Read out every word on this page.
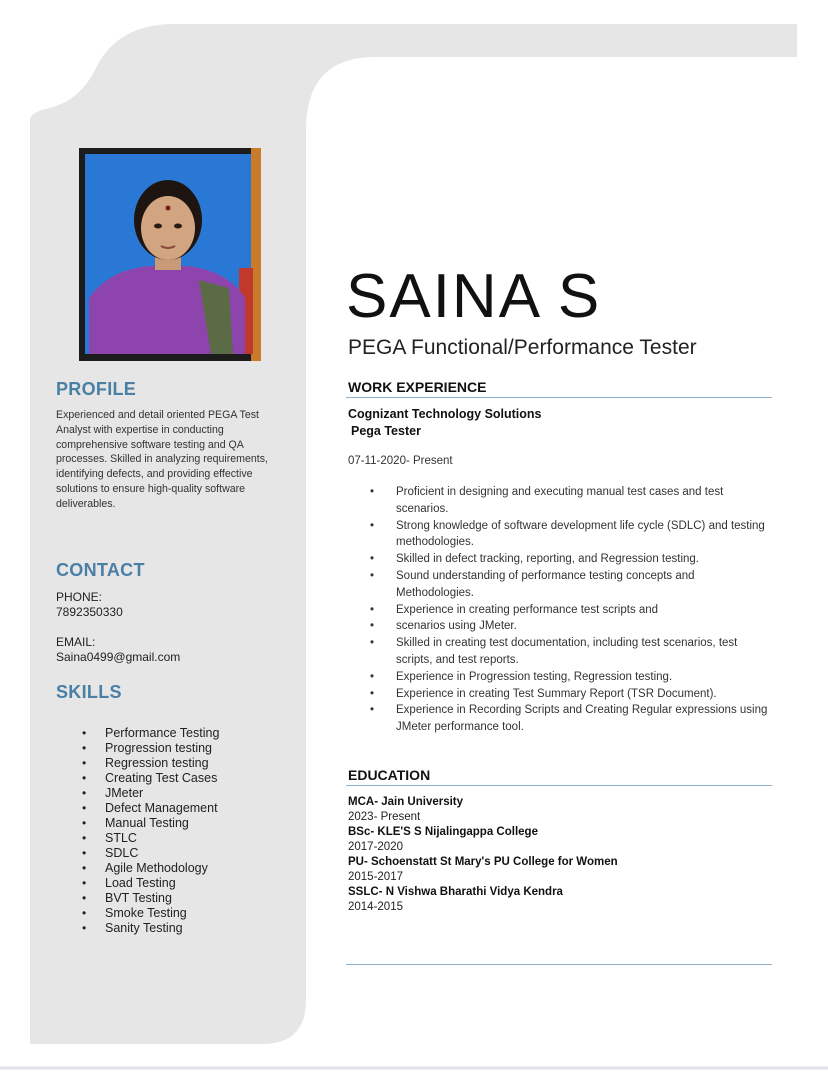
PROFILE
Experienced and detail oriented PEGA Test Analyst with expertise in conducting comprehensive software testing and QA processes. Skilled in analyzing requirements, identifying defects, and providing effective solutions to ensure high-quality software deliverables.
CONTACT
PHONE:
7892350330
EMAIL:
Saina0499@gmail.com
SKILLS
• Performance Testing
• Progression testing
• Regression testing
• Creating Test Cases
• JMeter
• Defect Management
• Manual Testing
• STLC
• SDLC
• Agile Methodology
• Load Testing
• BVT Testing
• Smoke Testing
• Sanity Testing
SAINA S
PEGA Functional/Performance Tester
WORK EXPERIENCE
Cognizant Technology Solutions
Pega Tester
07-11-2020- Present
• Proficient in designing and executing manual test cases and test scenarios.
• Strong knowledge of software development life cycle (SDLC) and testing methodologies.
• Skilled in defect tracking, reporting, and Regression testing.
• Sound understanding of performance testing concepts and Methodologies.
• Experience in creating performance test scripts and
• scenarios using JMeter.
• Skilled in creating test documentation, including test scenarios, test scripts, and test reports.
• Experience in Progression testing, Regression testing.
• Experience in creating Test Summary Report (TSR Document).
• Experience in Recording Scripts and Creating Regular expressions using JMeter performance tool.
EDUCATION
MCA- Jain University
2023- Present
BSc- KLE'S S Nijalingappa College
2017-2020
PU- Schoenstatt St Mary's PU College for Women
2015-2017
SSLC- N Vishwa Bharathi Vidya Kendra
2014-2015
